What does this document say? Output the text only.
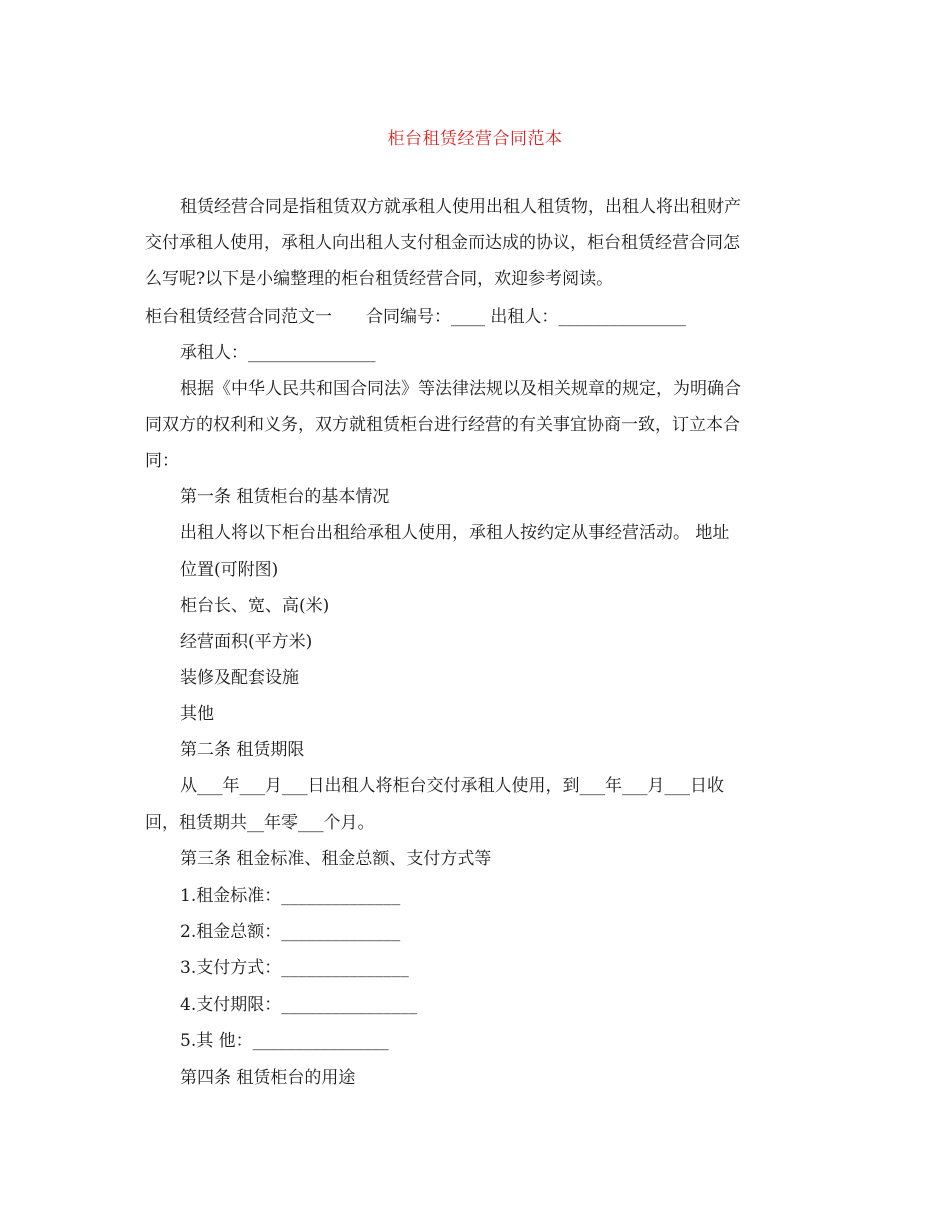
柜台租赁经营合同范本
租赁经营合同是指租赁双方就承租人使用出租人租赁物，出租人将出租财产
交付承租人使用，承租人向出租人支付租金而达成的协议，柜台租赁经营合同怎
么写呢?以下是小编整理的柜台租赁经营合同，欢迎参考阅读。
柜台租赁经营合同范文一　　合同编号：____ 出租人：_______________
承租人：_______________
根据《中华人民共和国合同法》等法律法规以及相关规章的规定，为明确合
同双方的权利和义务，双方就租赁柜台进行经营的有关事宜协商一致，订立本合
同：
第一条 租赁柜台的基本情况
出租人将以下柜台出租给承租人使用，承租人按约定从事经营活动。 地址
位置(可附图)
柜台长、宽、高(米)
经营面积(平方米)
装修及配套设施
其他
第二条 租赁期限
从___年___月___日出租人将柜台交付承租人使用，到___年___月___日收
回，租赁期共__年零___个月。
第三条 租金标准、租金总额、支付方式等
1.租金标准：______________
2.租金总额：______________
3.支付方式：_______________
4.支付期限：________________
5.其 他：________________
第四条 租赁柜台的用途
